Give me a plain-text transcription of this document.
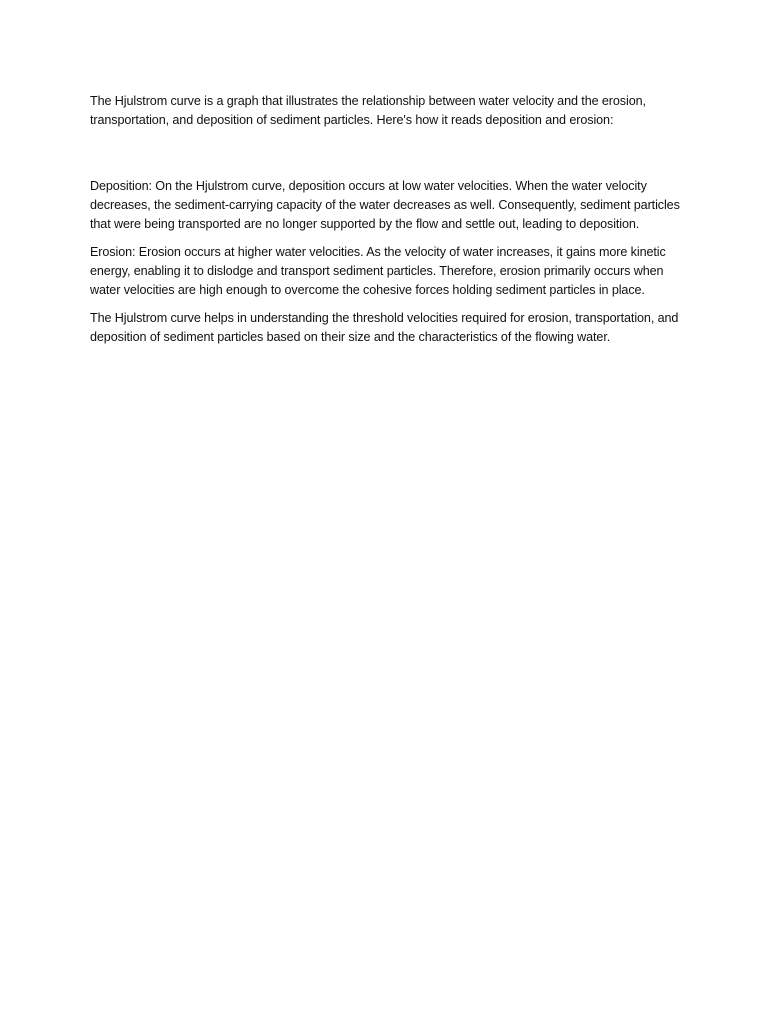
The Hjulstrom curve is a graph that illustrates the relationship between water velocity and the erosion, transportation, and deposition of sediment particles. Here's how it reads deposition and erosion:

Deposition: On the Hjulstrom curve, deposition occurs at low water velocities. When the water velocity decreases, the sediment-carrying capacity of the water decreases as well. Consequently, sediment particles that were being transported are no longer supported by the flow and settle out, leading to deposition.

Erosion: Erosion occurs at higher water velocities. As the velocity of water increases, it gains more kinetic energy, enabling it to dislodge and transport sediment particles. Therefore, erosion primarily occurs when water velocities are high enough to overcome the cohesive forces holding sediment particles in place.

The Hjulstrom curve helps in understanding the threshold velocities required for erosion, transportation, and deposition of sediment particles based on their size and the characteristics of the flowing water.
